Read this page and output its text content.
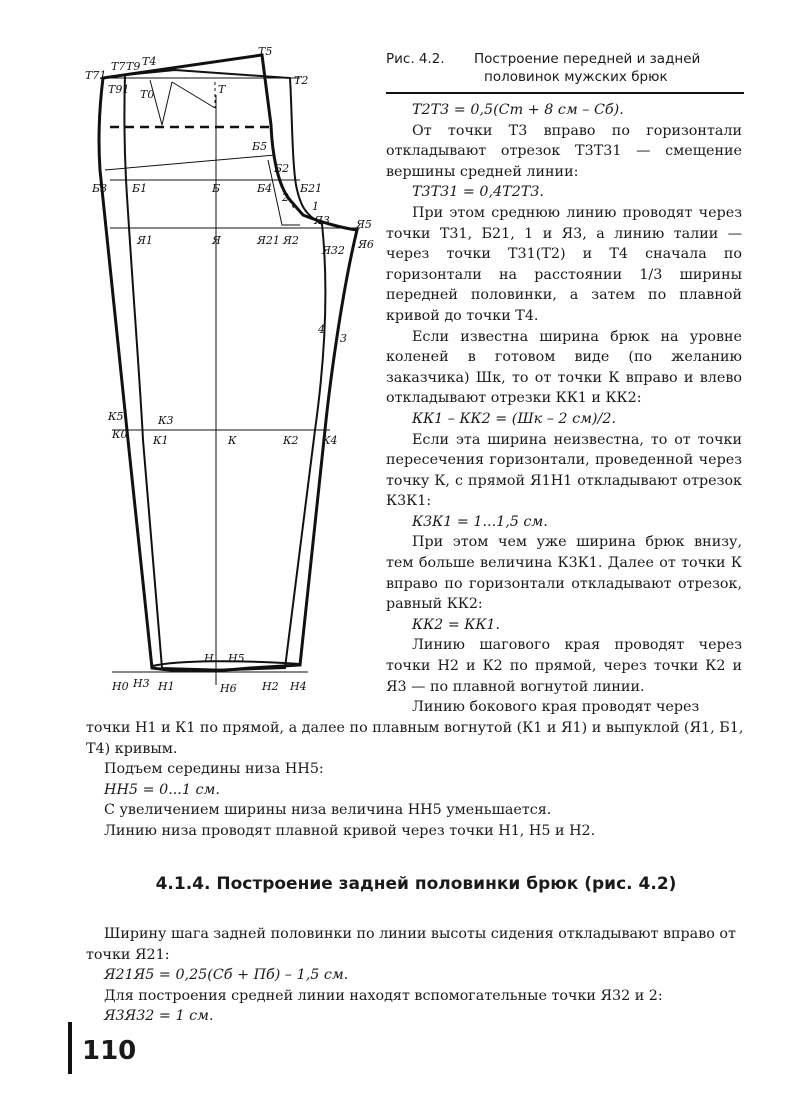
Т71
Т7 Т9 Т4
Т5
Т2
Т91 Т0	Т
Б5
Б2
Б3 Б1	Б	Б4	Б21
2
1
Я3 Я5
Я6
Я32
Я1	Я	Я21 Я2
4
3
К5	К3
К0 К1	К	К2 К4
Н Н5
Н0 Н3 Н1	Н6 Н2 Н4
Рис. 4.2. Построение передней и задней
половинок мужских брюк

Т2Т3 = 0,5(Ст + 8 см – Сб).

От точки Т3 вправо по горизонтали откладывают отрезок Т3Т31 — смещение вершины средней линии:

Т3Т31 = 0,4Т2Т3.

При этом среднюю линию проводят через точки Т31, Б21, 1 и Я3, а линию талии — через точки Т31(Т2) и Т4 сначала по горизонтали на расстоянии 1/3 ширины передней половинки, а затем по плавной кривой до точки Т4.

Если известна ширина брюк на уровне коленей в готовом виде (по желанию заказчика) Шк, то от точки К вправо и влево откладывают отрезки КК1 и КК2:

КК1 – КК2 = (Шк – 2 см)/2.

Если эта ширина неизвестна, то от точки пересечения горизонтали, проведенной через точку К, с прямой Я1Н1 откладывают отрезок К3К1:

К3К1 = 1...1,5 см.

При этом чем уже ширина брюк внизу, тем больше величина К3К1. Далее от точки К вправо по горизонтали откладывают отрезок, равный КК2:

КК2 = КК1.

Линию шагового края проводят через точки Н2 и К2 по прямой, через точки К2 и Я3 — по плавной вогнутой линии.

Линию бокового края проводят через

точки Н1 и К1 по прямой, а далее по плавным вогнутой (К1 и Я1) и выпуклой (Я1, Б1, Т4) кривым.

Подъем середины низа НН5:

НН5 = 0...1 см.

С увеличением ширины низа величина НН5 уменьшается.

Линию низа проводят плавной кривой через точки Н1, Н5 и Н2.

4.1.4. Построение задней половинки брюк (рис. 4.2)

Ширину шага задней половинки по линии высоты сидения откладывают вправо от точки Я21:

Я21Я5 = 0,25(Сб + Пб) – 1,5 см.

Для построения средней линии находят вспомогательные точки Я32 и 2:

Я3Я32 = 1 см.

110
